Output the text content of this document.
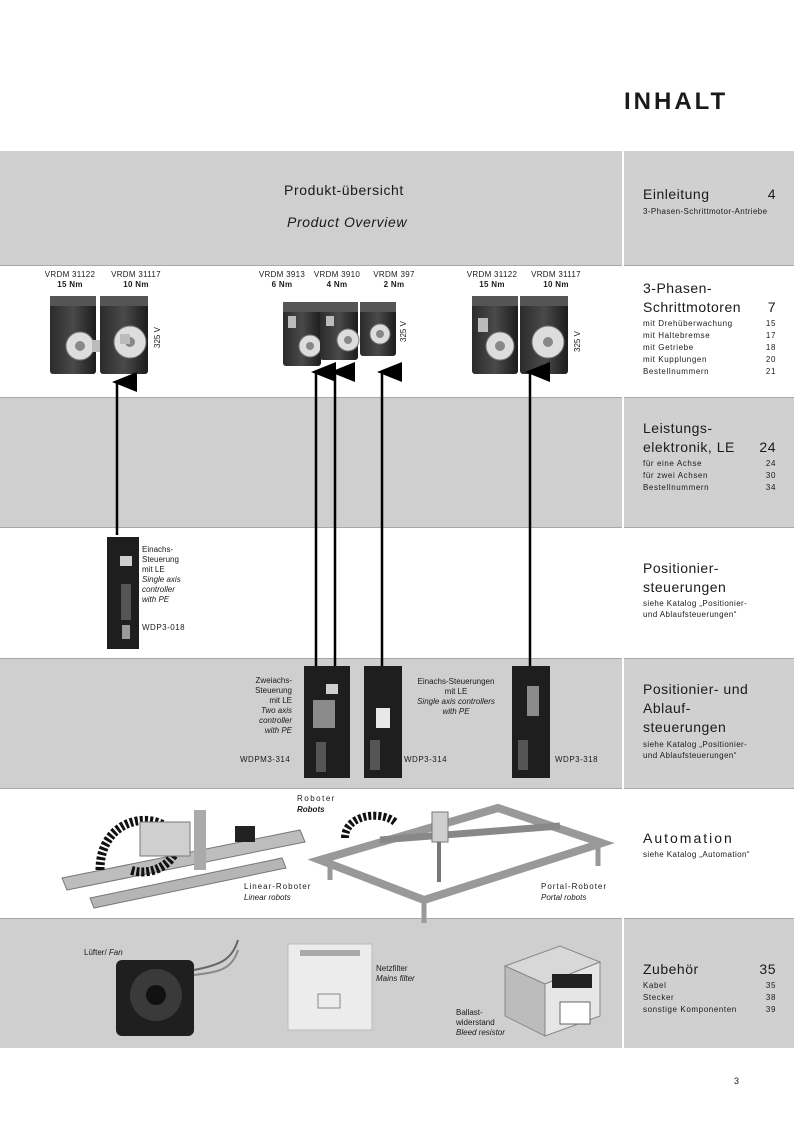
INHALT
Produkt-übersicht
Product Overview
Einleitung	4
3-Phasen-Schrittmotor-Antriebe
3-Phasen-
Schrittmotoren 7
mit Drehüberwachung	15
mit Haltebremse	17
mit Getriebe	18
mit Kupplungen	20
Bestellnummern	21
Leistungs-
elektronik, LE 24
für eine Achse	24
für zwei Achsen	30
Bestellnummern	34
Positionier-
steuerungen
siehe Katalog „Positionier-
und Ablaufsteuerungen“
Positionier- und
Ablauf-
steuerungen
siehe Katalog „Positionier-
und Ablaufsteuerungen“
Automation
siehe Katalog „Automation“
Zubehör	35
Kabel	35
Stecker	38
sonstige Komponenten	39
VRDM 31122
15 Nm
VRDM 31117
10 Nm
VRDM 3913
6 Nm
VRDM 3910
4 Nm
VRDM 397
2 Nm
VRDM 31122
15 Nm
VRDM 31117
10 Nm
325 V	325 V	325 V
Einachs-
Steuerung
mit LE
Single axis
controller
with PE
WDP3-018
Zweiachs-
Steuerung
mit LE
Two axis
controller
with PE
WDPM3-314
Einachs-Steuerungen
mit LE
Single axis controllers
with PE
WDP3-314	WDP3-318
Roboter
Robots
Linear-Roboter
Linear robots
Portal-Roboter
Portal robots
Lüfter/ Fan
Netzfilter
Mains filter
Ballast-
widerstand
Bleed resistor
3
